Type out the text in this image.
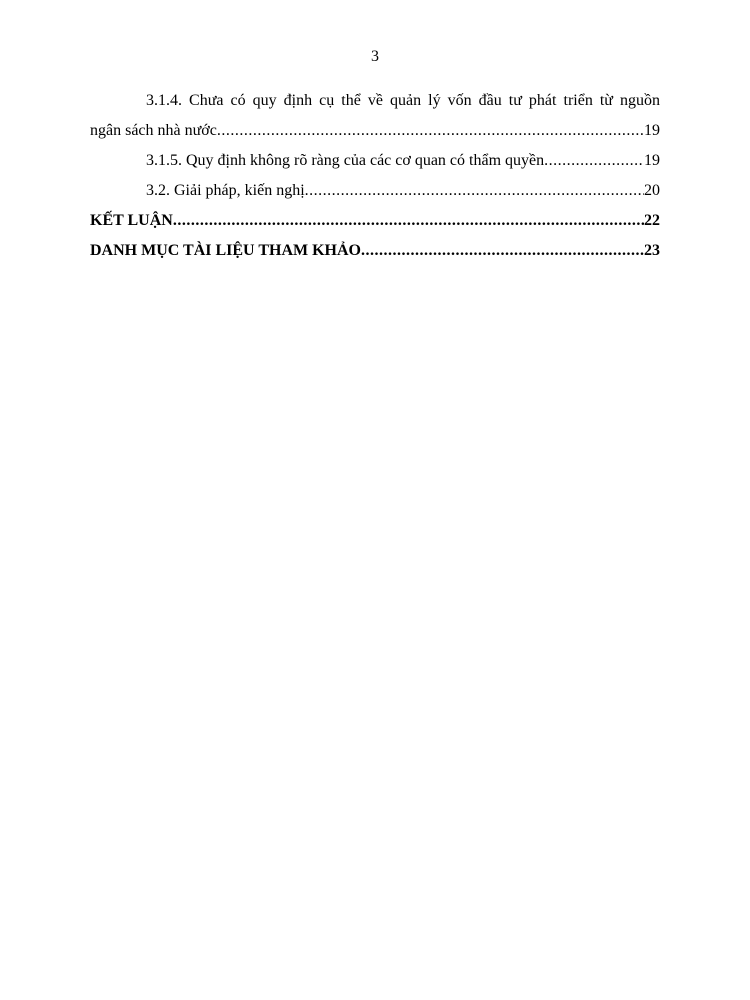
3
3.1.4. Chưa có quy định cụ thể về quản lý vốn đầu tư phát triển từ nguồn
ngân sách nhà nước .....	19
3.1.5. Quy định không rõ ràng của các cơ quan có thẩm quyền .....	19
3.2. Giải pháp, kiến nghị .....	20
KẾT LUẬN .....	22
DANH MỤC TÀI LIỆU THAM KHẢO .....	23
